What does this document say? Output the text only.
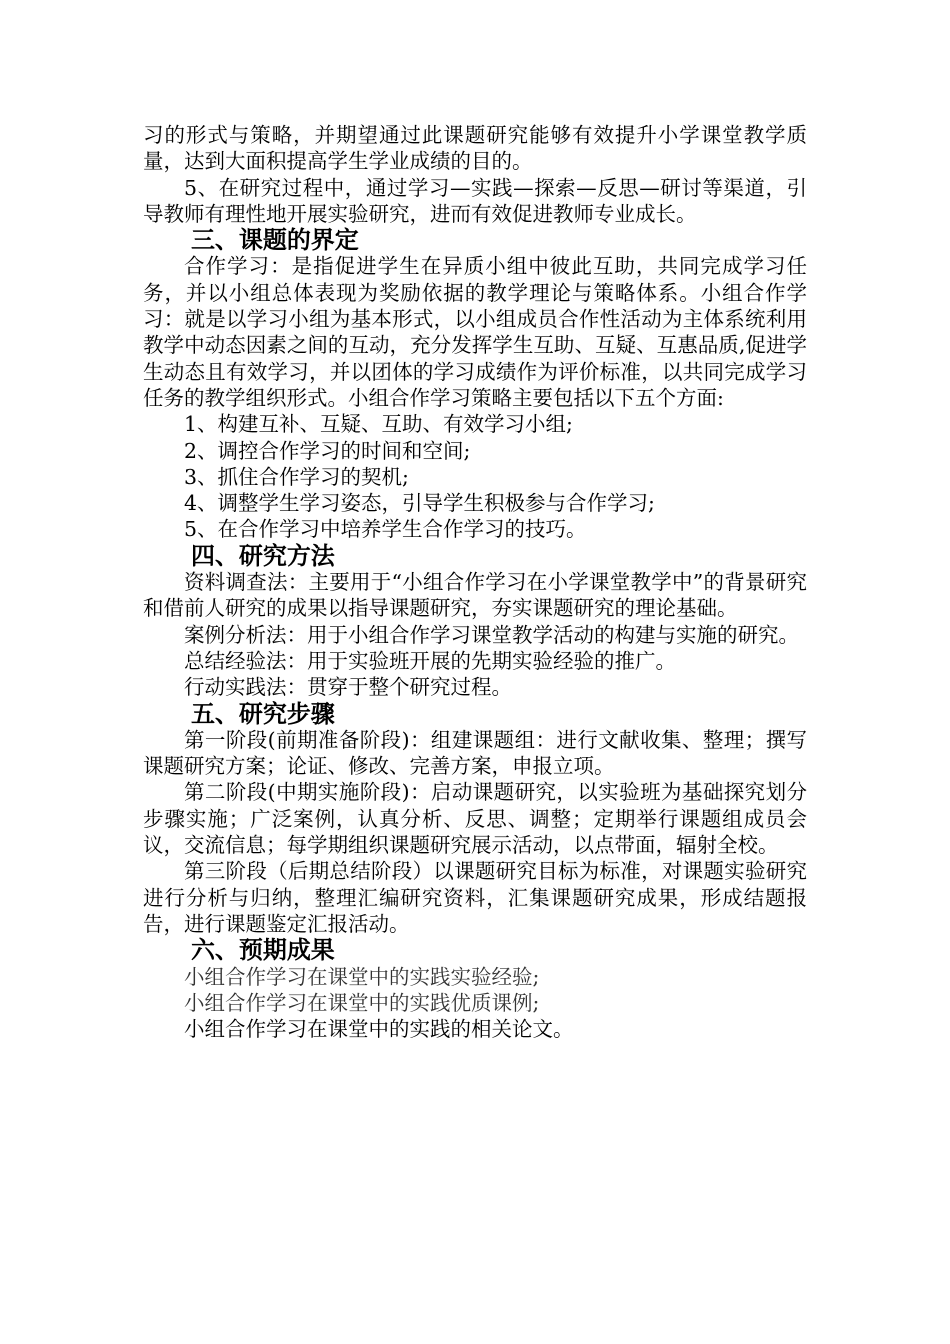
习的形式与策略，并期望通过此课题研究能够有效提升小学课堂教学质量，达到大面积提高学生学业成绩的目的。

5、在研究过程中，通过学习—实践—探索—反思—研讨等渠道，引导教师有理性地开展实验研究，进而有效促进教师专业成长。

三、课题的界定

合作学习：是指促进学生在异质小组中彼此互助，共同完成学习任务，并以小组总体表现为奖励依据的教学理论与策略体系。小组合作学习：就是以学习小组为基本形式，以小组成员合作性活动为主体系统利用教学中动态因素之间的互动，充分发挥学生互助、互疑、互惠品质,促进学生动态且有效学习，并以团体的学习成绩作为评价标准，以共同完成学习任务的教学组织形式。小组合作学习策略主要包括以下五个方面:

1、构建互补、互疑、互助、有效学习小组;

2、调控合作学习的时间和空间;

3、抓住合作学习的契机;

4、调整学生学习姿态，引导学生积极参与合作学习;

5、在合作学习中培养学生合作学习的技巧。

四、研究方法

资料调查法：主要用于“小组合作学习在小学课堂教学中”的背景研究和借前人研究的成果以指导课题研究，夯实课题研究的理论基础。

案例分析法：用于小组合作学习课堂教学活动的构建与实施的研究。

总结经验法：用于实验班开展的先期实验经验的推广。

行动实践法：贯穿于整个研究过程。

五、研究步骤

第一阶段(前期准备阶段)：组建课题组：进行文献收集、整理；撰写课题研究方案；论证、修改、完善方案，申报立项。

第二阶段(中期实施阶段)：启动课题研究，以实验班为基础探究划分步骤实施；广泛案例，认真分析、反思、调整；定期举行课题组成员会议，交流信息；每学期组织课题研究展示活动，以点带面，辐射全校。

第三阶段（后期总结阶段）以课题研究目标为标准，对课题实验研究进行分析与归纳，整理汇编研究资料，汇集课题研究成果，形成结题报告，进行课题鉴定汇报活动。

六、预期成果

小组合作学习在课堂中的实践实验经验;

小组合作学习在课堂中的实践优质课例;

小组合作学习在课堂中的实践的相关论文。
